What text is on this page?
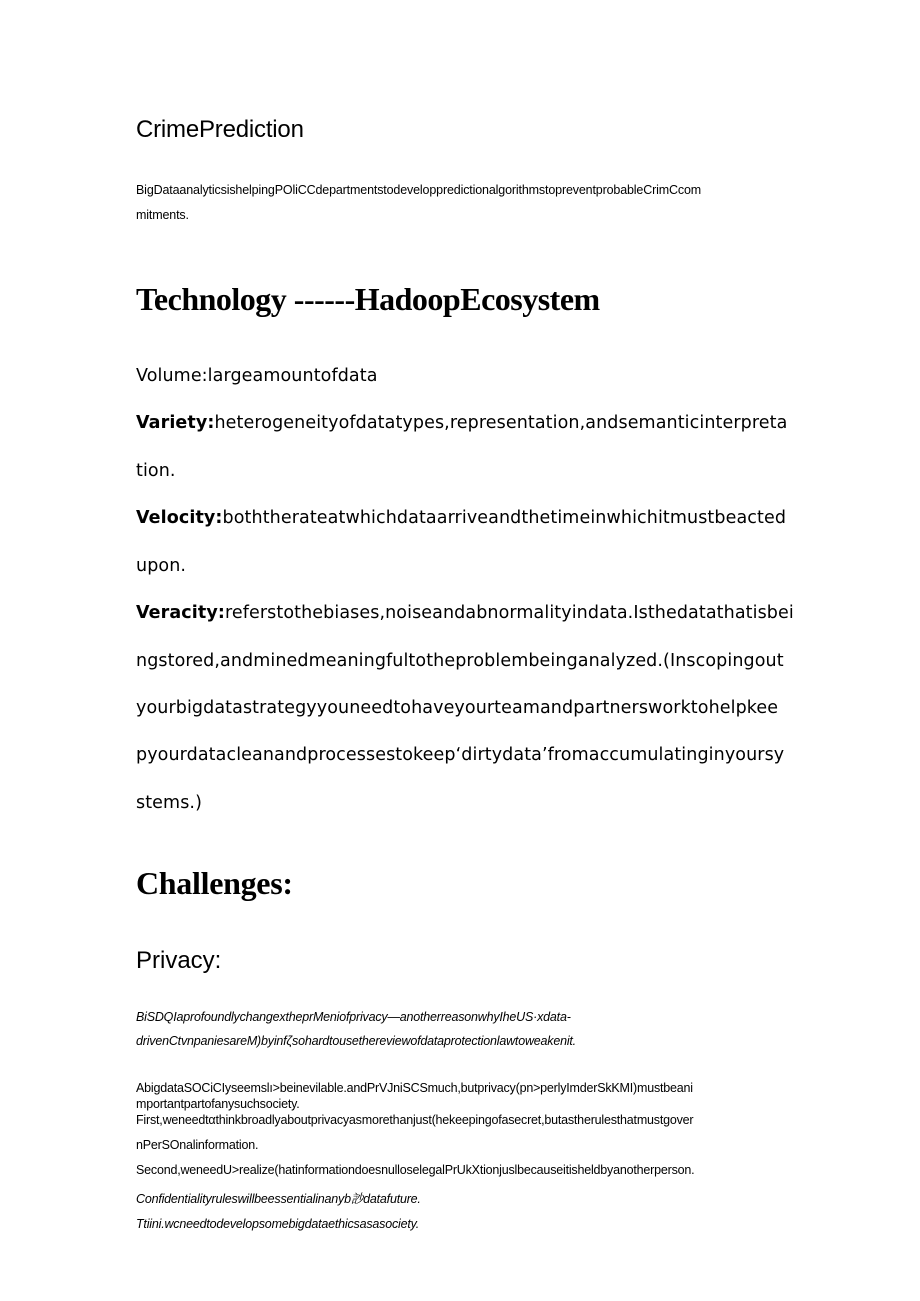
CrimePrediction
BigDataanalyticsishelpingPOliCCdepartmentstodeveloppredictionalgorithmstopreventprobableCrimCcom
mitments.
Technology ------HadoopEcosystem
Volume:largeamountofdata
Variety:heterogeneityofdatatypes,representation,andsemanticinterpreta
tion.
Velocity:boththerateatwhichdataarriveandthetimeinwhichitmustbeacted
upon.
Veracity:referstothebiases,noiseandabnormalityindata.Isthedatathatisbei
ngstored,andminedmeaningfultotheproblembeinganalyzed.(Inscopingout
yourbigdatastrategyyouneedtohaveyourteamandpartnersworktohelpkee
pyourdatacleanandprocessestokeep‘dirtydata’fromaccumulatinginyoursy
stems.)
Challenges:
Privacy:
BiSDQIaprofoundlychangextheprMeniofprivacy—anotherreasonwhyIheUS·xdata-
drivenCtvnpaniesareM)byinfζsohardtousethereviewofdataprotectionlawtoweakenit.
AbigdataSOCiCIyseemslı>beinevilable.andPrVJniSCSmuch,butprivacy(pn>perlyImderSkKMI)mustbeani
mportantpartofanysuchsociety.
First,weneedtαthinkbroadlyaboutprivacyasmorethanjust(hekeepingofasecret,butastherulesthatmustgover
nPerSOnalinformation.
Second,weneedU>realize(hatinformationdoesnulloselegalPrUkXtionjuslbecauseitisheldbyanotherperson.
Confidentialityruleswillbeessentialinanyb訬datafuture.
Ttiini.wcneedtodevelopsomebigdataethicsasasociety.
